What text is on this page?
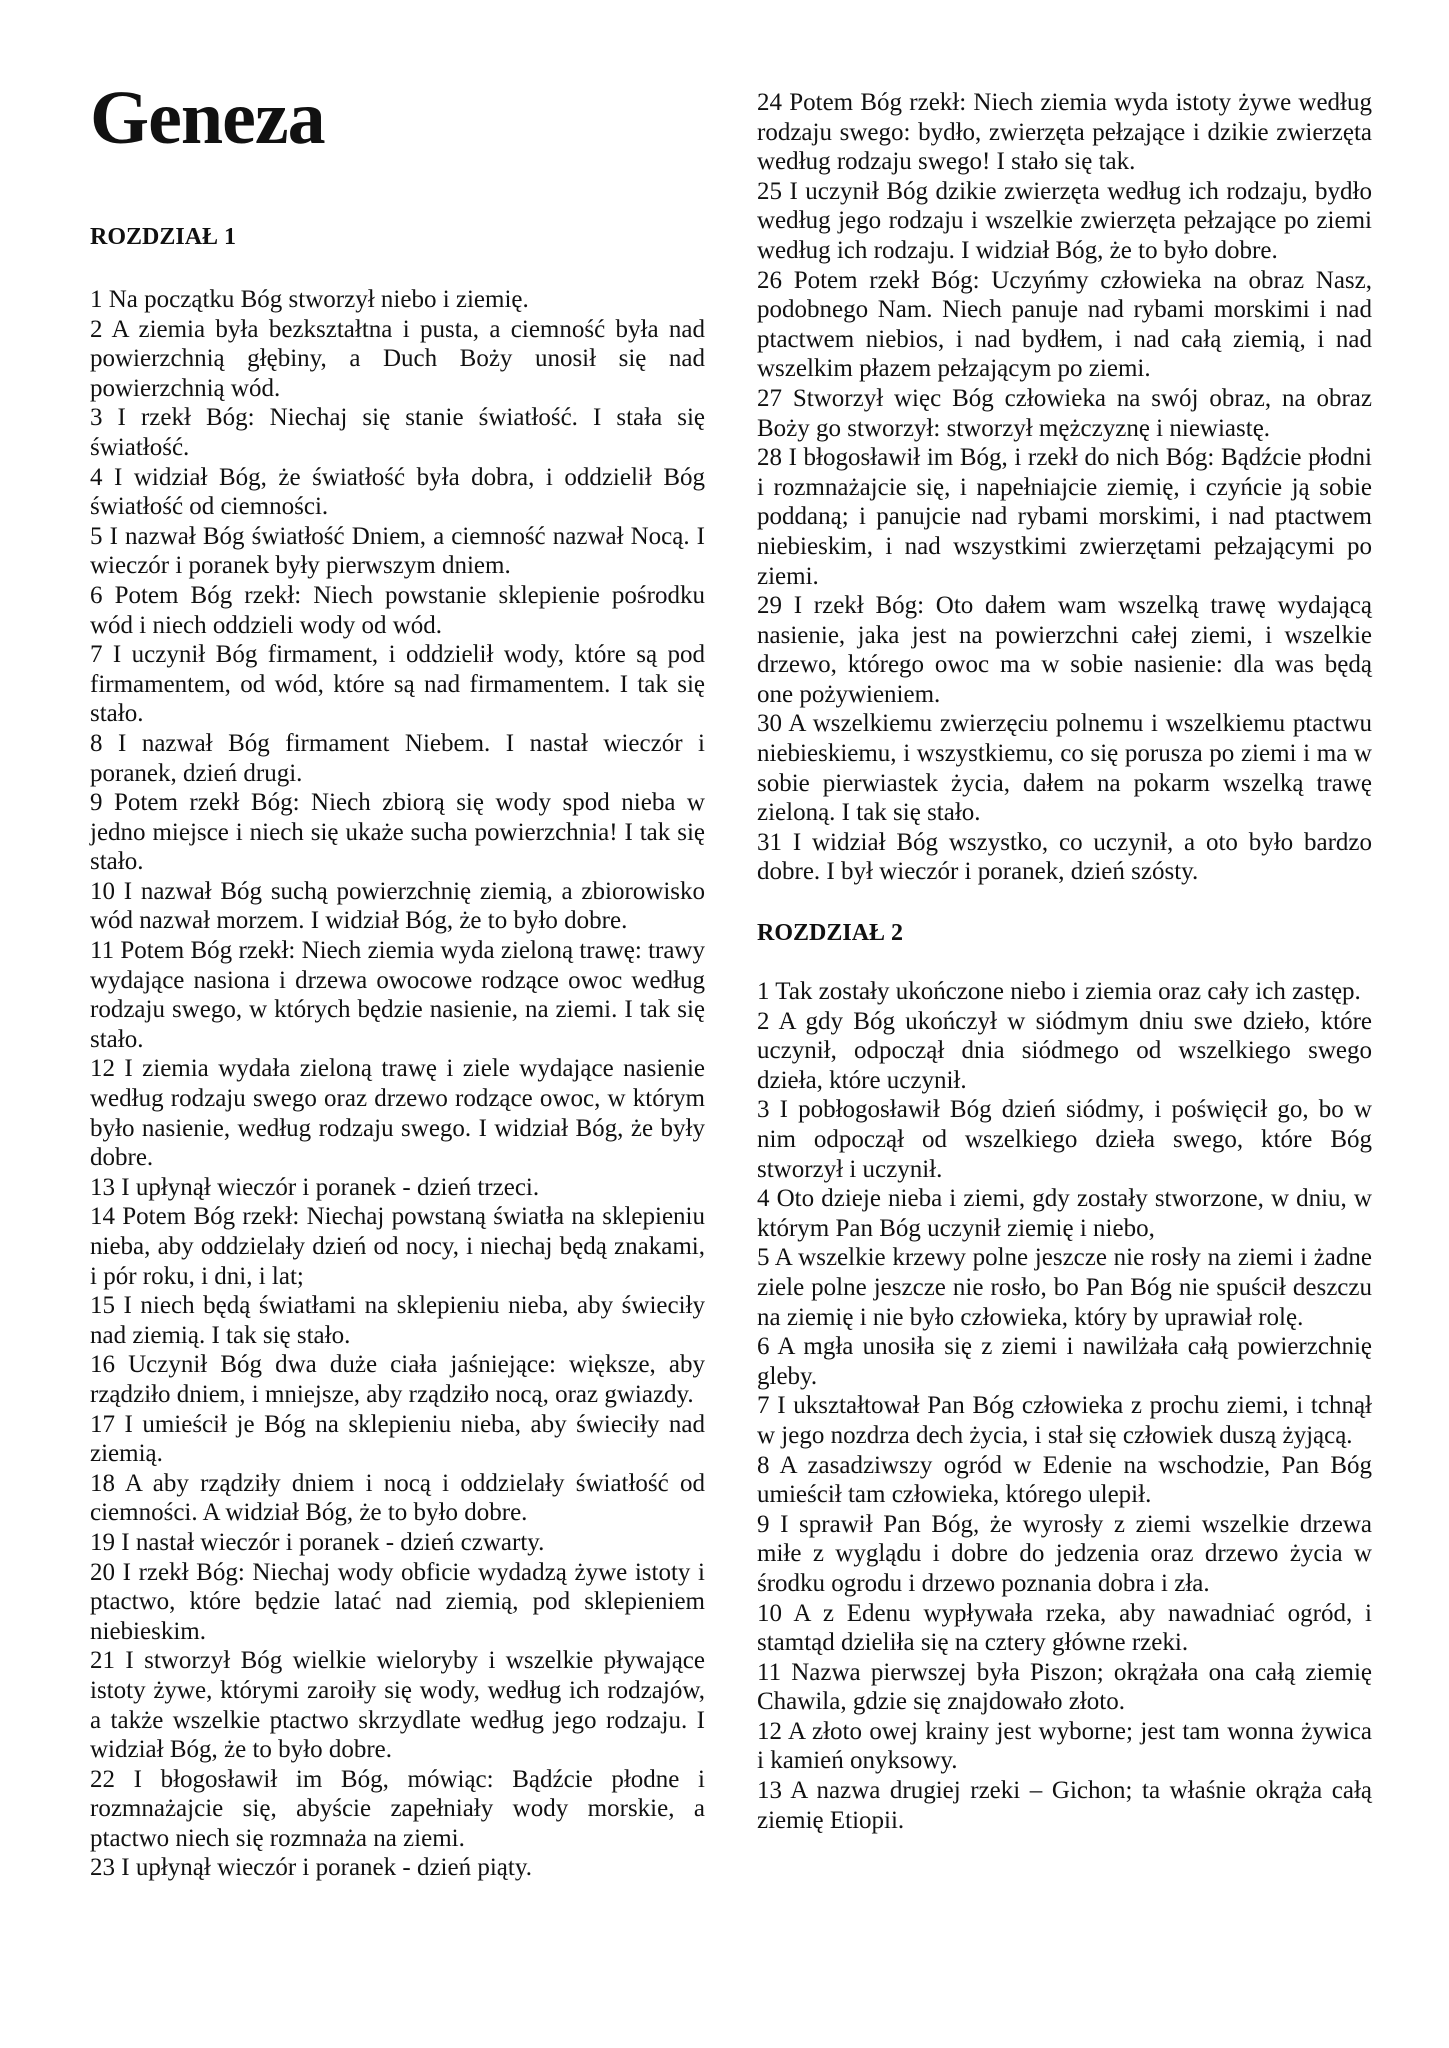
Geneza
ROZDZIAŁ 1
1 Na początku Bóg stworzył niebo i ziemię.
2 A ziemia była bezkształtna i pusta, a ciemność była nad powierzchnią głębiny, a Duch Boży unosił się nad powierzchnią wód.
3 I rzekł Bóg: Niechaj się stanie światłość. I stała się światłość.
4 I widział Bóg, że światłość była dobra, i oddzielił Bóg światłość od ciemności.
5 I nazwał Bóg światłość Dniem, a ciemność nazwał Nocą. I wieczór i poranek były pierwszym dniem.
6 Potem Bóg rzekł: Niech powstanie sklepienie pośrodku wód i niech oddzieli wody od wód.
7 I uczynił Bóg firmament, i oddzielił wody, które są pod firmamentem, od wód, które są nad firmamentem. I tak się stało.
8 I nazwał Bóg firmament Niebem. I nastał wieczór i poranek, dzień drugi.
9 Potem rzekł Bóg: Niech zbiorą się wody spod nieba w jedno miejsce i niech się ukaże sucha powierzchnia! I tak się stało.
10 I nazwał Bóg suchą powierzchnię ziemią, a zbiorowisko wód nazwał morzem. I widział Bóg, że to było dobre.
11 Potem Bóg rzekł: Niech ziemia wyda zieloną trawę: trawy wydające nasiona i drzewa owocowe rodzące owoc według rodzaju swego, w których będzie nasienie, na ziemi. I tak się stało.
12 I ziemia wydała zieloną trawę i ziele wydające nasienie według rodzaju swego oraz drzewo rodzące owoc, w którym było nasienie, według rodzaju swego. I widział Bóg, że były dobre.
13 I upłynął wieczór i poranek - dzień trzeci.
14 Potem Bóg rzekł: Niechaj powstaną światła na sklepieniu nieba, aby oddzielały dzień od nocy, i niechaj będą znakami, i pór roku, i dni, i lat;
15 I niech będą światłami na sklepieniu nieba, aby świeciły nad ziemią. I tak się stało.
16 Uczynił Bóg dwa duże ciała jaśniejące: większe, aby rządziło dniem, i mniejsze, aby rządziło nocą, oraz gwiazdy.
17 I umieścił je Bóg na sklepieniu nieba, aby świeciły nad ziemią.
18 A aby rządziły dniem i nocą i oddzielały światłość od ciemności. A widział Bóg, że to było dobre.
19 I nastał wieczór i poranek - dzień czwarty.
20 I rzekł Bóg: Niechaj wody obficie wydadzą żywe istoty i ptactwo, które będzie latać nad ziemią, pod sklepieniem niebieskim.
21 I stworzył Bóg wielkie wieloryby i wszelkie pływające istoty żywe, którymi zaroiły się wody, według ich rodzajów, a także wszelkie ptactwo skrzydlate według jego rodzaju. I widział Bóg, że to było dobre.
22 I błogosławił im Bóg, mówiąc: Bądźcie płodne i rozmnażajcie się, abyście zapełniały wody morskie, a ptactwo niech się rozmnaża na ziemi.
23 I upłynął wieczór i poranek - dzień piąty.
24 Potem Bóg rzekł: Niech ziemia wyda istoty żywe według rodzaju swego: bydło, zwierzęta pełzające i dzikie zwierzęta według rodzaju swego! I stało się tak.
25 I uczynił Bóg dzikie zwierzęta według ich rodzaju, bydło według jego rodzaju i wszelkie zwierzęta pełzające po ziemi według ich rodzaju. I widział Bóg, że to było dobre.
26 Potem rzekł Bóg: Uczyńmy człowieka na obraz Nasz, podobnego Nam. Niech panuje nad rybami morskimi i nad ptactwem niebios, i nad bydłem, i nad całą ziemią, i nad wszelkim płazem pełzającym po ziemi.
27 Stworzył więc Bóg człowieka na swój obraz, na obraz Boży go stworzył: stworzył mężczyznę i niewiastę.
28 I błogosławił im Bóg, i rzekł do nich Bóg: Bądźcie płodni i rozmnażajcie się, i napełniajcie ziemię, i czyńcie ją sobie poddaną; i panujcie nad rybami morskimi, i nad ptactwem niebieskim, i nad wszystkimi zwierzętami pełzającymi po ziemi.
29 I rzekł Bóg: Oto dałem wam wszelką trawę wydającą nasienie, jaka jest na powierzchni całej ziemi, i wszelkie drzewo, którego owoc ma w sobie nasienie: dla was będą one pożywieniem.
30 A wszelkiemu zwierzęciu polnemu i wszelkiemu ptactwu niebieskiemu, i wszystkiemu, co się porusza po ziemi i ma w sobie pierwiastek życia, dałem na pokarm wszelką trawę zieloną. I tak się stało.
31 I widział Bóg wszystko, co uczynił, a oto było bardzo dobre. I był wieczór i poranek, dzień szósty.
ROZDZIAŁ 2
1 Tak zostały ukończone niebo i ziemia oraz cały ich zastęp.
2 A gdy Bóg ukończył w siódmym dniu swe dzieło, które uczynił, odpoczął dnia siódmego od wszelkiego swego dzieła, które uczynił.
3 I pobłogosławił Bóg dzień siódmy, i poświęcił go, bo w nim odpoczął od wszelkiego dzieła swego, które Bóg stworzył i uczynił.
4 Oto dzieje nieba i ziemi, gdy zostały stworzone, w dniu, w którym Pan Bóg uczynił ziemię i niebo,
5 A wszelkie krzewy polne jeszcze nie rosły na ziemi i żadne ziele polne jeszcze nie rosło, bo Pan Bóg nie spuścił deszczu na ziemię i nie było człowieka, który by uprawiał rolę.
6 A mgła unosiła się z ziemi i nawilżała całą powierzchnię gleby.
7 I ukształtował Pan Bóg człowieka z prochu ziemi, i tchnął w jego nozdrza dech życia, i stał się człowiek duszą żyjącą.
8 A zasadziwszy ogród w Edenie na wschodzie, Pan Bóg umieścił tam człowieka, którego ulepił.
9 I sprawił Pan Bóg, że wyrosły z ziemi wszelkie drzewa miłe z wyglądu i dobre do jedzenia oraz drzewo życia w środku ogrodu i drzewo poznania dobra i zła.
10 A z Edenu wypływała rzeka, aby nawadniać ogród, i stamtąd dzieliła się na cztery główne rzeki.
11 Nazwa pierwszej była Piszon; okrążała ona całą ziemię Chawila, gdzie się znajdowało złoto.
12 A złoto owej krainy jest wyborne; jest tam wonna żywica i kamień onyksowy.
13 A nazwa drugiej rzeki – Gichon; ta właśnie okrąża całą ziemię Etiopii.
